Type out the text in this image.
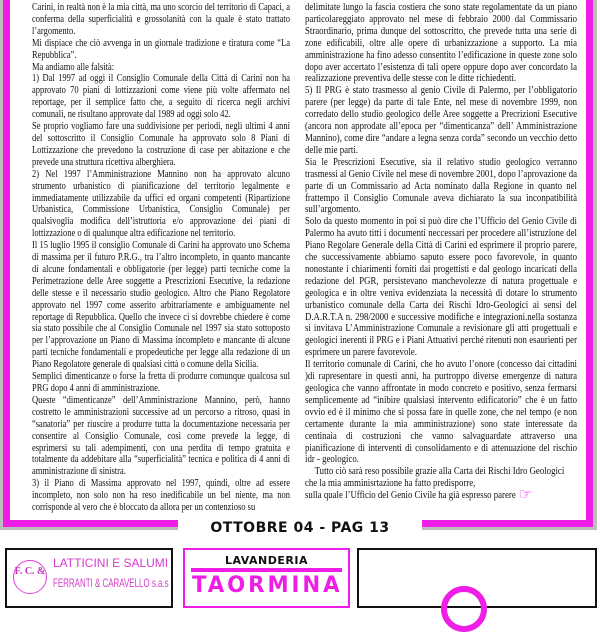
Carini, in realtà non è la mia città, ma uno scorcio del territorio di Capaci, a conferma della superficialità e grossolanità con la quale è stato trattato l’argomento.

Mi dispiace che ciò avvenga in un giornale tradizione e tiratura come “La Repubblica”.

Ma andiamo alle falsità:

1) Dal 1997 ad oggi il Consiglio Comunale della Città di Carini non ha approvato 70 piani di lottizzazioni come viene più volte affermato nel reportage, per il semplice fatto che, a seguito di ricerca negli archivi comunali, ne risultano approvate dal 1989 ad oggi solo 42.

Se proprio vogliamo fare una suddivisione per periodi, negli ultimi 4 anni del sottoscritto il Consiglio Comunale ha approvato solo 8 Piani di Lottizzazione che prevedono la costruzione di case per abitazione e che prevede una struttura ricettiva alberghiera.

2) Nel 1997 l’Amministrazione Mannino non ha approvato alcuno strumento urbanistico di pianificazione del territorio legalmente e immediatamente utilizzabile da uffici ed organi competenti (Ripartizione Urbanistica, Commissione Urbanistica, Consiglio Comunale) per qualsivoglia modifica dell’istruttoria e/o approvazione dei piani di lottizzazione o di qualunque altra edificazione nel territorio.

Il 15 luglio 1995 il consiglio Comunale di Carini ha approvato uno Schema di massima per il futuro P.R.G., tra l’altro incompleto, in quanto mancante di alcune fondamentali e obbligatorie (per legge) parti tecniche come la Perimetrazione delle Aree soggette a Prescrizioni Esecutive, la redazione delle stesse e il necessario studio geologico. Altro che Piano Regolatore approvato nel 1997 come asserito arbitrariamente e ambiguamente nel reportage di Repubblica. Quello che invece ci si dovrebbe chiedere è come sia stato possibile che al Consiglio Comunale nel 1997 sia stato sottoposto per l’approvazione un Piano di Massima incompleto e mancante di alcune parti tecniche fondamentali e propedeutiche per legge alla redazione di un Piano Regolatore generale di qualsiasi città o comune della Sicilia.

Semplici dimenticanze o forse la fretta di produrre comunque qualcosa sul PRG dopo 4 anni di amministrazione.

Queste “dimenticanze” dell’Amministrazione Mannino, però, hanno costretto le amministrazioni successive ad un percorso a ritroso, quasi in “sanatoria” per riuscire a produrre tutta la documentazione necessaria per consentire al Consiglio Comunale, così come prevede la legge, di esprimersi su tali adempimenti, con una perdita di tempo gratuita e totalmente da addebitare alla “superficialità” tecnica e politica di 4 anni di amministrazione di sinistra.

3) il Piano di Massima approvato nel 1997, quindi, oltre ad essere incompleto, non solo non ha reso inedificabile un bel niente, ma non corrisponde al vero che è bloccato da allora per un contenzioso su

delimitate lungo la fascia costiera che sono state regolamentate da un piano particolareggiato approvato nel mese di febbraio 2000 dal Commissario Straordinario, prima dunque del sottoscritto, che prevede tutta una serie di zone edificabili, oltre alle opere di urbanizzazione a supporto. La mia amministrazione ha fino adesso consentito l’edificazione in queste zone solo dopo aver accertato l’esistenza di tali opere oppure dopo aver concordato la realizzazione preventiva delle stesse con le ditte richiedenti.

5) Il PRG è stato trasmesso al genio Civile di Palermo, per l’obbligatorio parere (per legge) da parte di tale Ente, nel mese di novembre 1999, non corredato dello studio geologico delle Aree soggette a Precrizioni Esecutive (ancora non approdate all’epoca per “dimenticanza” dell’ Amministrazione Mannino), come dire “andare a legna senza corda” secondo un vecchio detto delle mie parti.

Sia le Prescrizioni Esecutive, sia il relativo studio geologico verranno trasmessi al Genio Civile nel mese di novembre 2001, dopo l’aprovazione da parte di un Commissario ad Acta nominato dalla Regione in quanto nel frattempo il Consiglio Comunale aveva dichiarato la sua inconpatibilità sull’argomento.

Solo da questo momento in poi si può dire che l’Ufficio del Genio Civile di Palermo ha avuto titti i documenti neccessari per procedere all’istruzione del Piano Regolare Generale della Città di Carini ed esprimere il proprio parere, che successivamente abbiamo saputo essere poco favorevole, in quanto nonostante i chiarimenti forniti dai progettisti e dal geologo incaricati della redazione del PGR, persistevano manchevolezze di natura progettuale e geologica e in oltre veniva evidenziata la necessità di dotare lo strumento urbanistico comunale della Carta dei Rischi Idro-Geologici ai sensi del D.A.R.T.A n. 298/2000 e successive modifiche e integrazioni.nella sostanza si invitava L’Amministrazione Comunale a revisionare gli atti progettuali e geologici inerenti il PRG e i Piani Attuativi perché ritenuti non esaurienti per esprimere un parere favorevole.

Il territorio comunale di Carini, che ho avuto l’onore (concesso dai cittadini )di rapresentare in questi anni, ha purtroppo diverse emergenze di natura geologica che vanno affrontate in modo concreto e positivo, senza fermarsi semplicemente ad “inibire qualsiasi intervento edificatorio” che è un fatto ovvio ed è il minimo che si possa fare in quelle zone, che nel tempo (e non certamente durante la mia amministrazione) sono state interessate da centinaia di costruzioni che vanno salvaguardate attraverso una pianificazione di interventi di consolidamento e di attenuazione del rischio idr - geologico.

Tutto ciò sarà reso possibile grazie alla Carta dei Rischi Idro Geologici che la mia amminisrtazione ha fatto predisporre,

sulla quale l’Ufficio del Genio Civile ha già espresso parere ☞

OTTOBRE 04 - PAG 13
F. C. &
LATTICINI E SALUMI
FERRANTI & CARAVELLO s.a.s
LAVANDERIA
TAORMINA
